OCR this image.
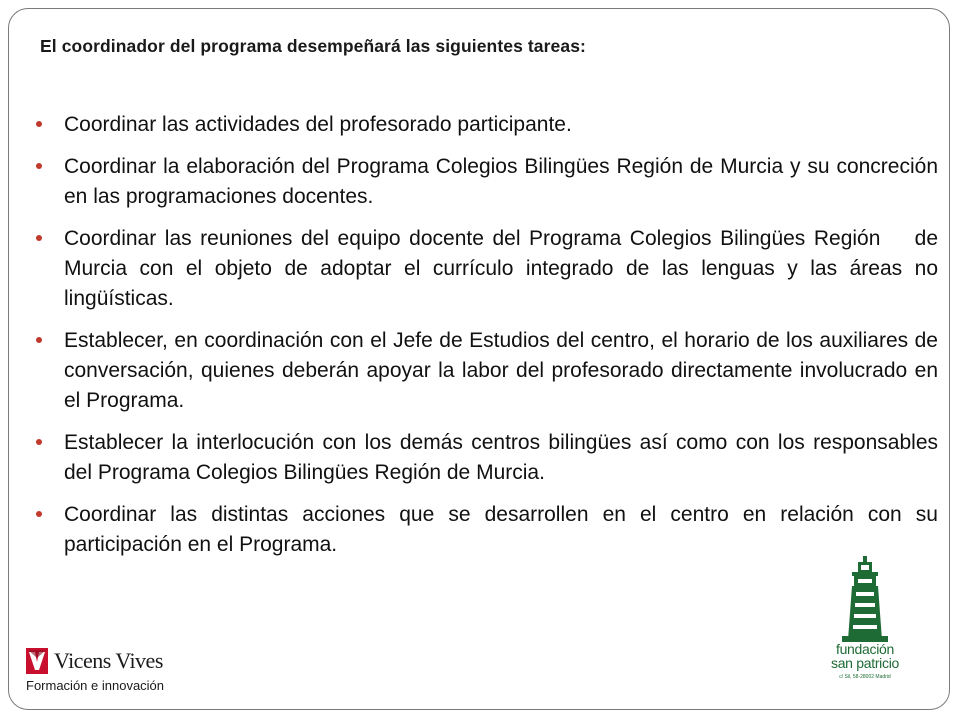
El coordinador del programa desempeñará las siguientes tareas:
Coordinar las actividades del profesorado participante.
Coordinar la elaboración del Programa Colegios Bilingües Región de Murcia y su concreción en las programaciones docentes.
Coordinar las reuniones del equipo docente del Programa Colegios Bilingües Región    de Murcia con el objeto de adoptar el currículo integrado de las lenguas y las áreas no lingüísticas.
Establecer, en coordinación con el Jefe de Estudios del centro, el horario de los auxiliares de conversación, quienes deberán apoyar la labor del profesorado directamente involucrado en el Programa.
Establecer la interlocución con los demás centros bilingües así como con los responsables del Programa Colegios Bilingües Región de Murcia.
Coordinar las distintas acciones que se desarrollen en el centro en relación con su participación en el Programa.
Vicens Vives
Formación e innovación
fundación
san patricio
c/ Sil, 58-28002 Madrid
